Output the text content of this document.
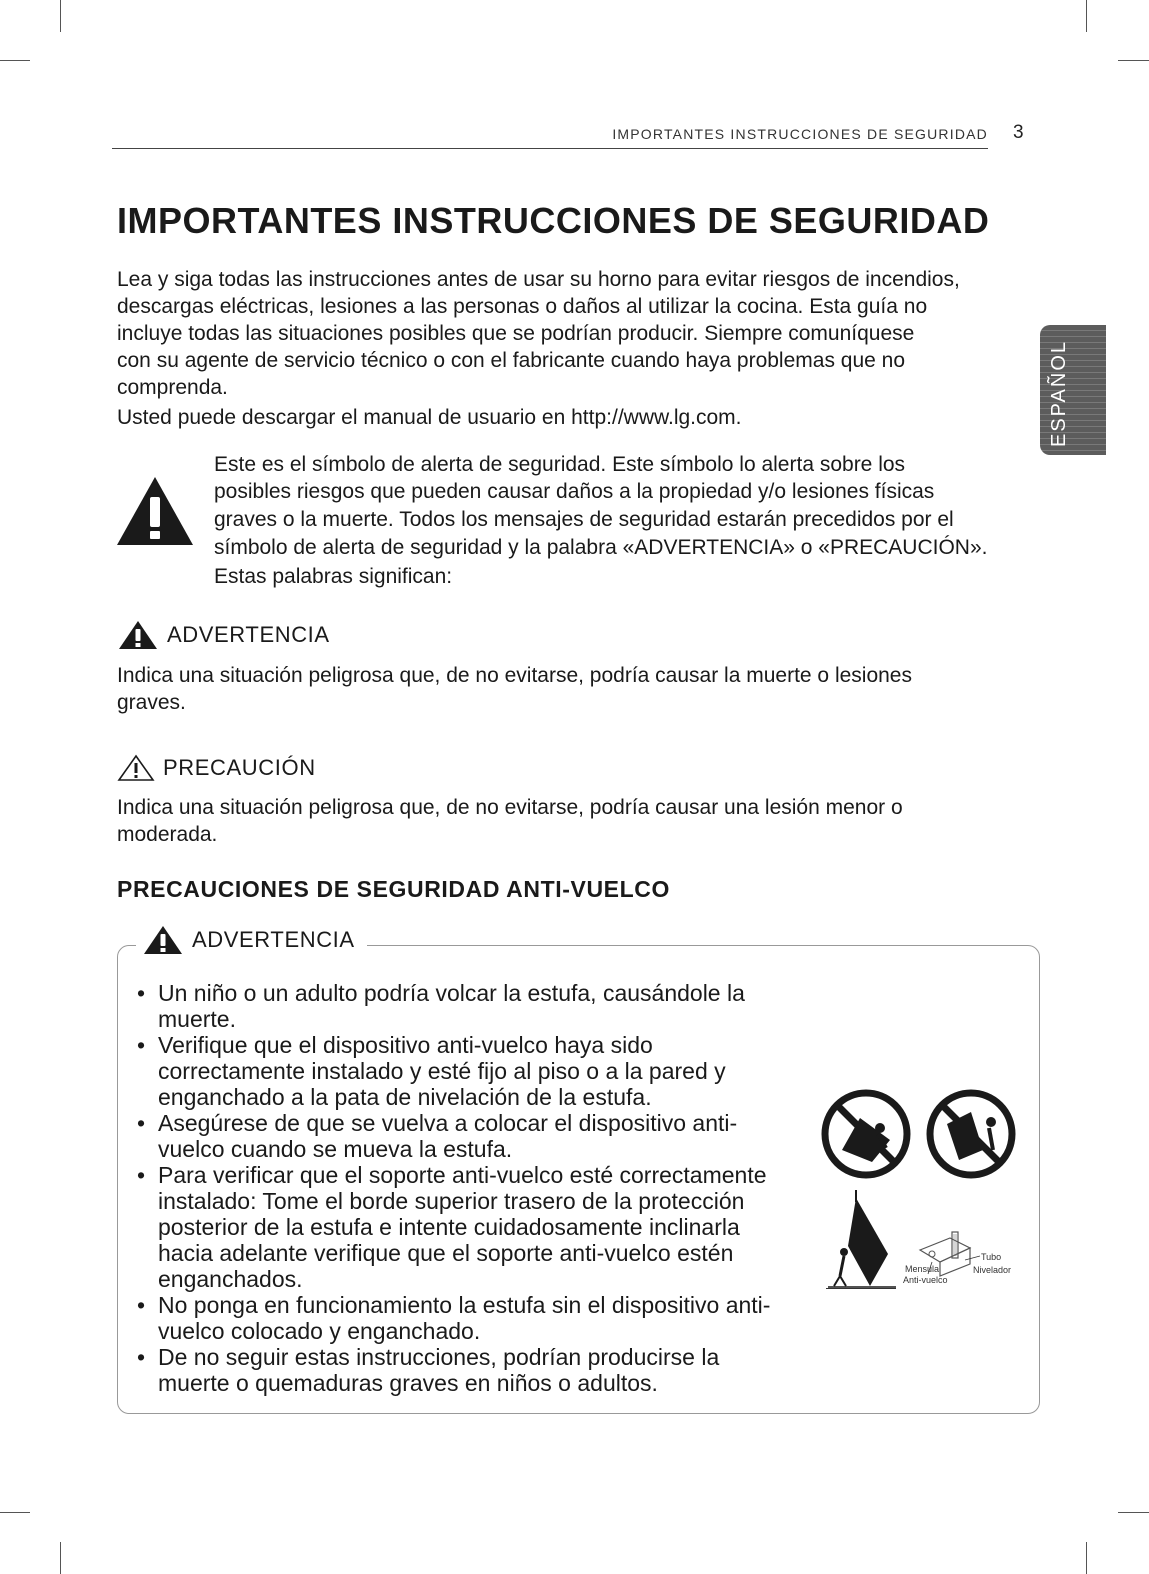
IMPORTANTES INSTRUCCIONES DE SEGURIDAD 3
ESPAÑOL
IMPORTANTES INSTRUCCIONES DE SEGURIDAD

Lea y siga todas las instrucciones antes de usar su horno para evitar riesgos de incendios,

descargas eléctricas, lesiones a las personas o daños al utilizar la cocina. Esta guía no

incluye todas las situaciones posibles que se podrían producir. Siempre comuníquese

con su agente de servicio técnico o con el fabricante cuando haya problemas que no

comprenda.

Usted puede descargar el manual de usuario en http://www.lg.com.

Este es el símbolo de alerta de seguridad. Este símbolo lo alerta sobre los

posibles riesgos que pueden causar daños a la propiedad y/o lesiones físicas

graves o la muerte. Todos los mensajes de seguridad estarán precedidos por el

símbolo de alerta de seguridad y la palabra «ADVERTENCIA» o «PRECAUCIÓN».

Estas palabras significan:

ADVERTENCIA

Indica una situación peligrosa que, de no evitarse, podría causar la muerte o lesiones

graves.

PRECAUCIÓN

Indica una situación peligrosa que, de no evitarse, podría causar una lesión menor o

moderada.

PRECAUCIONES DE SEGURIDAD ANTI-VUELCO
ADVERTENCIA
• Un niño o un adulto podría volcar la estufa, causándole la muerte.
• Verifique que el dispositivo anti-vuelco haya sido correctamente instalado y esté fijo al piso o a la pared y enganchado a la pata de nivelación de la estufa.
• Asegúrese de que se vuelva a colocar el dispositivo anti-vuelco cuando se mueva la estufa.
• Para verificar que el soporte anti-vuelco esté correctamente instalado: Tome el borde superior trasero de la protección posterior de la estufa e intente cuidadosamente inclinarla hacia adelante verifique que el soporte anti-vuelco estén enganchados.
• No ponga en funcionamiento la estufa sin el dispositivo anti-vuelco colocado y enganchado.
• De no seguir estas instrucciones, podrían producirse la muerte o quemaduras graves en niños o adultos.
Mensula
Anti-vuelco
Tubo
Nivelador
